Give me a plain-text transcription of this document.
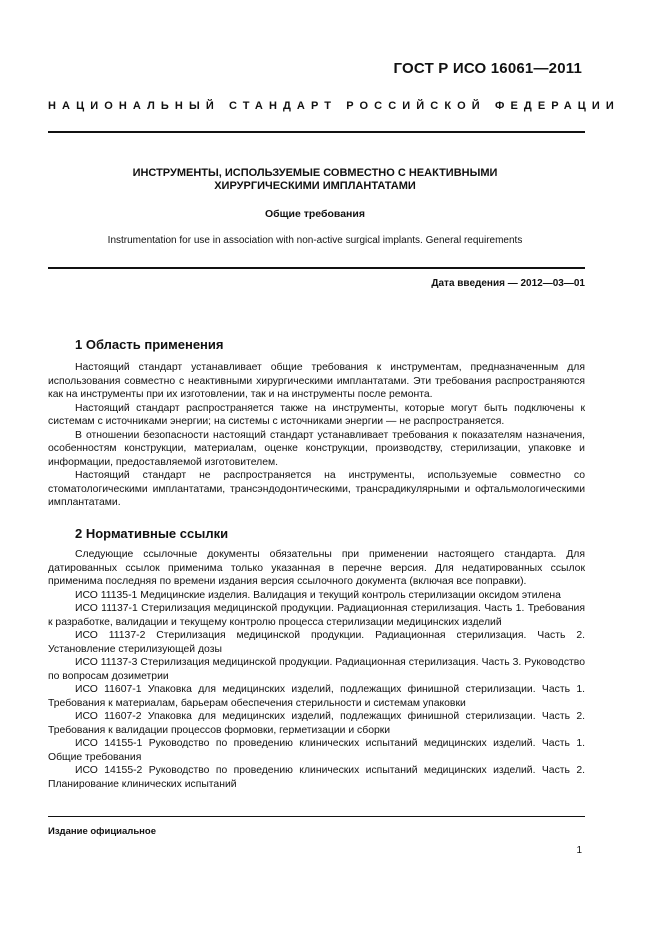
ГОСТ Р ИСО 16061—2011
НАЦИОНАЛЬНЫЙ СТАНДАРТ РОССИЙСКОЙ ФЕДЕРАЦИИ
ИНСТРУМЕНТЫ, ИСПОЛЬЗУЕМЫЕ СОВМЕСТНО С НЕАКТИВНЫМИ
ХИРУРГИЧЕСКИМИ ИМПЛАНТАТАМИ
Общие требования
Instrumentation for use in association with non-active surgical implants. General requirements
Дата введения — 2012—03—01
1 Область применения

Настоящий стандарт устанавливает общие требования к инструментам, предназначенным для использования совместно с неактивными хирургическими имплантатами. Эти требования распространяются как на инструменты при их изготовлении, так и на инструменты после ремонта.

Настоящий стандарт распространяется также на инструменты, которые могут быть подключены к системам с источниками энергии; на системы с источниками энергии — не распространяется.

В отношении безопасности настоящий стандарт устанавливает требования к показателям назначения, особенностям конструкции, материалам, оценке конструкции, производству, стерилизации, упаковке и информации, предоставляемой изготовителем.

Настоящий стандарт не распространяется на инструменты, используемые совместно со стоматологическими имплантатами, трансэндодонтическими, трансрадикулярными и офтальмологическими имплантатами.

2 Нормативные ссылки

Следующие ссылочные документы обязательны при применении настоящего стандарта. Для датированных ссылок применима только указанная в перечне версия. Для недатированных ссылок применима последняя по времени издания версия ссылочного документа (включая все поправки).

ИСО 11135-1 Медицинские изделия. Валидация и текущий контроль стерилизации оксидом этилена

ИСО 11137-1 Стерилизация медицинской продукции. Радиационная стерилизация. Часть 1. Требования к разработке, валидации и текущему контролю процесса стерилизации медицинских изделий

ИСО 11137-2 Стерилизация медицинской продукции. Радиационная стерилизация. Часть 2. Установление стерилизующей дозы

ИСО 11137-3 Стерилизация медицинской продукции. Радиационная стерилизация. Часть 3. Руководство по вопросам дозиметрии

ИСО 11607-1 Упаковка для медицинских изделий, подлежащих финишной стерилизации. Часть 1. Требования к материалам, барьерам обеспечения стерильности и системам упаковки

ИСО 11607-2 Упаковка для медицинских изделий, подлежащих финишной стерилизации. Часть 2. Требования к валидации процессов формовки, герметизации и сборки

ИСО 14155-1 Руководство по проведению клинических испытаний медицинских изделий. Часть 1. Общие требования

ИСО 14155-2 Руководство по проведению клинических испытаний медицинских изделий. Часть 2. Планирование клинических испытаний

Издание официальное
1
